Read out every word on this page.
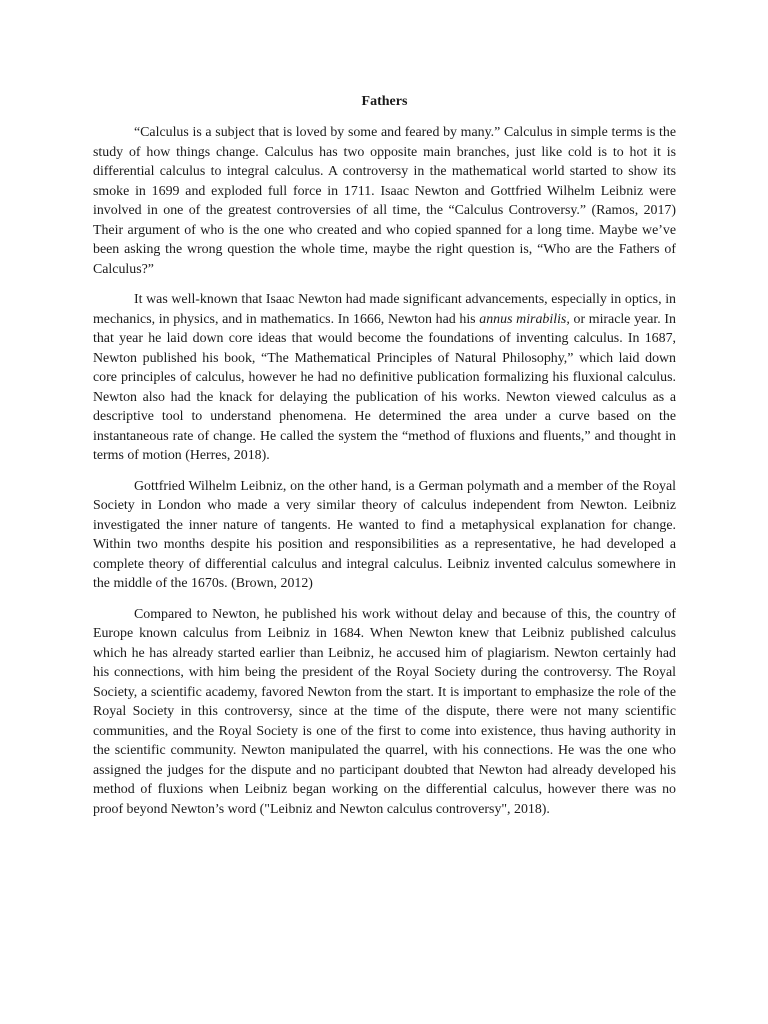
Fathers

“Calculus is a subject that is loved by some and feared by many.” Calculus in simple terms is the study of how things change. Calculus has two opposite main branches, just like cold is to hot it is differential calculus to integral calculus. A controversy in the mathematical world started to show its smoke in 1699 and exploded full force in 1711. Isaac Newton and Gottfried Wilhelm Leibniz were involved in one of the greatest controversies of all time, the “Calculus Controversy.” (Ramos, 2017) Their argument of who is the one who created and who copied spanned for a long time. Maybe we’ve been asking the wrong question the whole time, maybe the right question is, “Who are the Fathers of Calculus?”

It was well-known that Isaac Newton had made significant advancements, especially in optics, in mechanics, in physics, and in mathematics. In 1666, Newton had his annus mirabilis, or miracle year. In that year he laid down core ideas that would become the foundations of inventing calculus. In 1687, Newton published his book, “The Mathematical Principles of Natural Philosophy,” which laid down core principles of calculus, however he had no definitive publication formalizing his fluxional calculus. Newton also had the knack for delaying the publication of his works. Newton viewed calculus as a descriptive tool to understand phenomena. He determined the area under a curve based on the instantaneous rate of change. He called the system the “method of fluxions and fluents,” and thought in terms of motion (Herres, 2018).

Gottfried Wilhelm Leibniz, on the other hand, is a German polymath and a member of the Royal Society in London who made a very similar theory of calculus independent from Newton. Leibniz investigated the inner nature of tangents. He wanted to find a metaphysical explanation for change. Within two months despite his position and responsibilities as a representative, he had developed a complete theory of differential calculus and integral calculus. Leibniz invented calculus somewhere in the middle of the 1670s. (Brown, 2012)

Compared to Newton, he published his work without delay and because of this, the country of Europe known calculus from Leibniz in 1684. When Newton knew that Leibniz published calculus which he has already started earlier than Leibniz, he accused him of plagiarism. Newton certainly had his connections, with him being the president of the Royal Society during the controversy. The Royal Society, a scientific academy, favored Newton from the start. It is important to emphasize the role of the Royal Society in this controversy, since at the time of the dispute, there were not many scientific communities, and the Royal Society is one of the first to come into existence, thus having authority in the scientific community. Newton manipulated the quarrel, with his connections. He was the one who assigned the judges for the dispute and no participant doubted that Newton had already developed his method of fluxions when Leibniz began working on the differential calculus, however there was no proof beyond Newton’s word ("Leibniz and Newton calculus controversy", 2018).
